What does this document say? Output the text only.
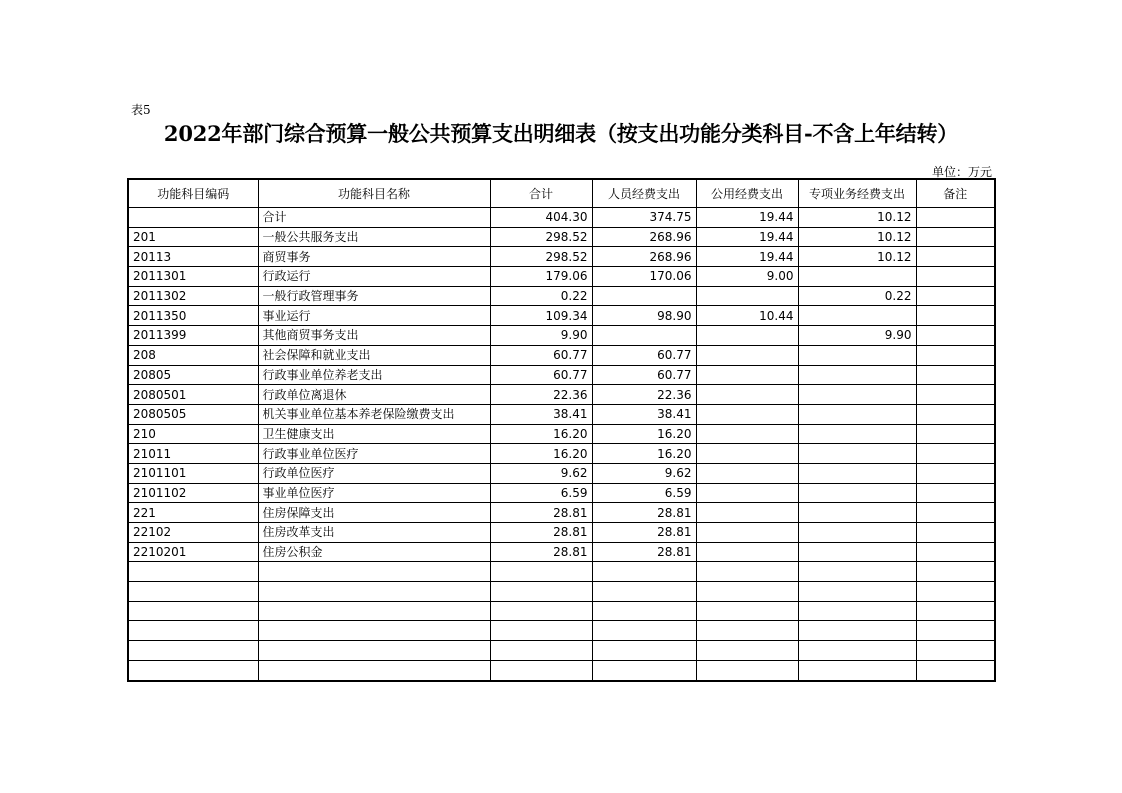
表5
2022年部门综合预算一般公共预算支出明细表（按支出功能分类科目-不含上年结转）
单位：万元
功能科目编码	功能科目名称	合计	人员经费支出	公用经费支出	专项业务经费支出	备注
	合计	404.30	374.75	19.44	10.12	
201	一般公共服务支出	298.52	268.96	19.44	10.12	
20113	商贸事务	298.52	268.96	19.44	10.12	
2011301	行政运行	179.06	170.06	9.00		
2011302	一般行政管理事务	0.22			0.22	
2011350	事业运行	109.34	98.90	10.44		
2011399	其他商贸事务支出	9.90			9.90	
208	社会保障和就业支出	60.77	60.77			
20805	行政事业单位养老支出	60.77	60.77			
2080501	行政单位离退休	22.36	22.36			
2080505	机关事业单位基本养老保险缴费支出	38.41	38.41			
210	卫生健康支出	16.20	16.20			
21011	行政事业单位医疗	16.20	16.20			
2101101	行政单位医疗	9.62	9.62			
2101102	事业单位医疗	6.59	6.59			
221	住房保障支出	28.81	28.81			
22102	住房改革支出	28.81	28.81			
2210201	住房公积金	28.81	28.81			
